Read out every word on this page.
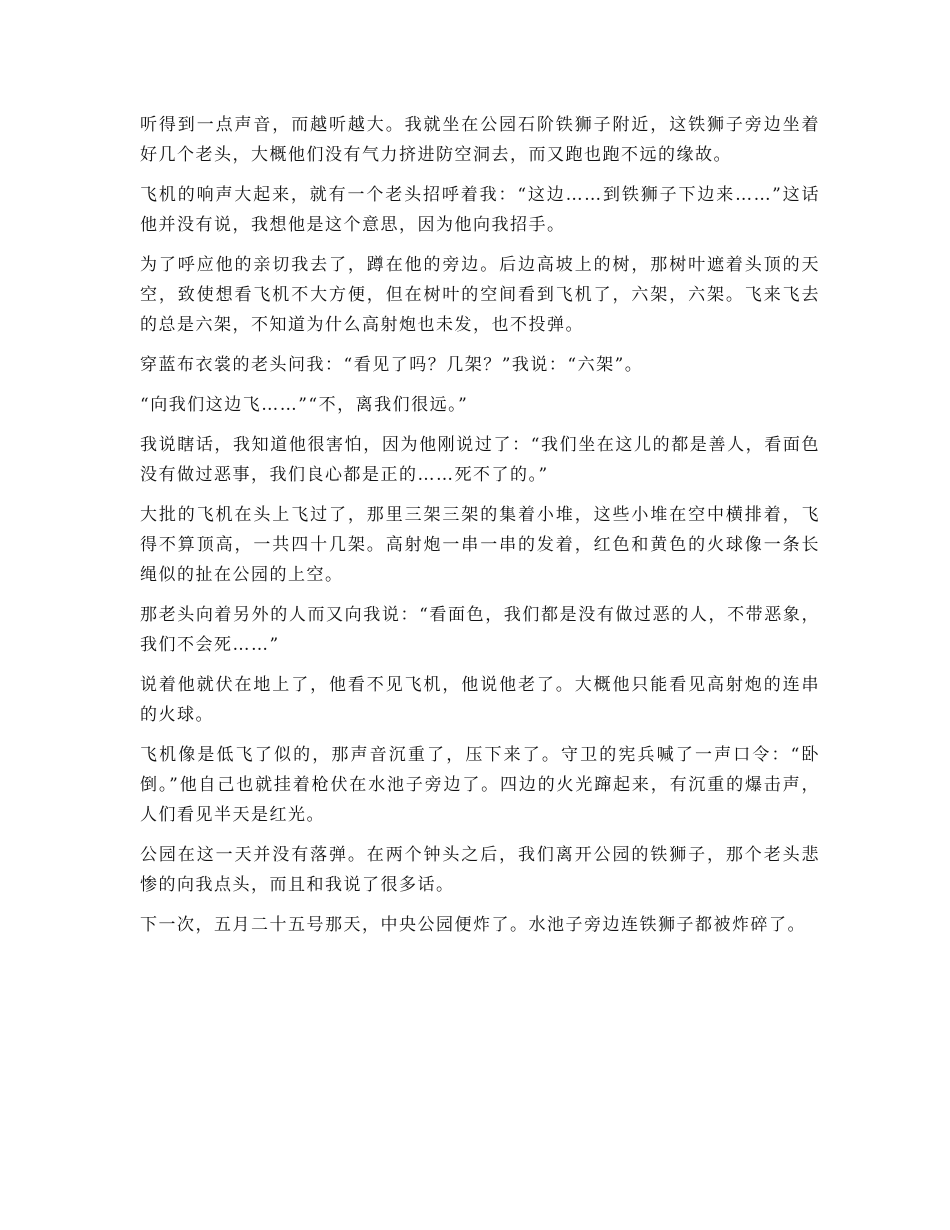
听得到一点声音，而越听越大。我就坐在公园石阶铁狮子附近，这铁狮子旁边坐着好几个老头，大概他们没有气力挤进防空洞去，而又跑也跑不远的缘故。

飞机的响声大起来，就有一个老头招呼着我：“这边……到铁狮子下边来……”这话他并没有说，我想他是这个意思，因为他向我招手。

为了呼应他的亲切我去了，蹲在他的旁边。后边高坡上的树，那树叶遮着头顶的天空，致使想看飞机不大方便，但在树叶的空间看到飞机了，六架，六架。飞来飞去的总是六架，不知道为什么高射炮也未发，也不投弹。

穿蓝布衣裳的老头问我：“看见了吗？几架？”我说：“六架”。

“向我们这边飞……”“不，离我们很远。”

我说瞎话，我知道他很害怕，因为他刚说过了：“我们坐在这儿的都是善人，看面色没有做过恶事，我们良心都是正的……死不了的。”

大批的飞机在头上飞过了，那里三架三架的集着小堆，这些小堆在空中横排着，飞得不算顶高，一共四十几架。高射炮一串一串的发着，红色和黄色的火球像一条长绳似的扯在公园的上空。

那老头向着另外的人而又向我说：“看面色，我们都是没有做过恶的人，不带恶象，我们不会死……”

说着他就伏在地上了，他看不见飞机，他说他老了。大概他只能看见高射炮的连串的火球。

飞机像是低飞了似的，那声音沉重了，压下来了。守卫的宪兵喊了一声口令：“卧倒。”他自己也就挂着枪伏在水池子旁边了。四边的火光蹿起来，有沉重的爆击声，人们看见半天是红光。

公园在这一天并没有落弹。在两个钟头之后，我们离开公园的铁狮子，那个老头悲惨的向我点头，而且和我说了很多话。

下一次，五月二十五号那天，中央公园便炸了。水池子旁边连铁狮子都被炸碎了。
